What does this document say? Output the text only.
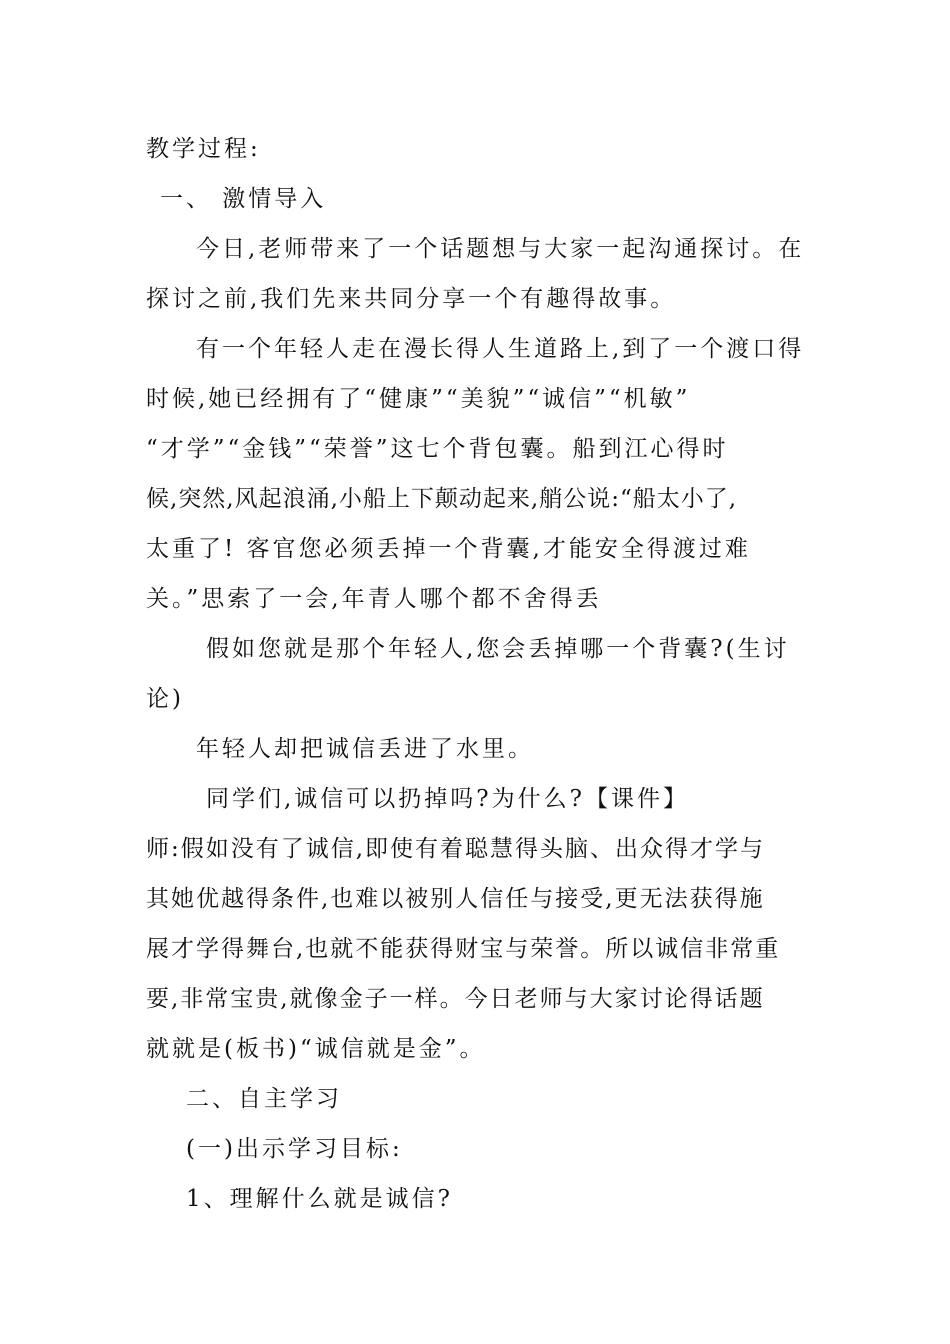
教学过程:
一、 激情导入
今日,老师带来了一个话题想与大家一起沟通探讨。在
探讨之前,我们先来共同分享一个有趣得故事。
有一个年轻人走在漫长得人生道路上,到了一个渡口得
时候,她已经拥有了“健康”“美貌”“诚信”“机敏”
“才学”“金钱”“荣誉”这七个背包囊。船到江心得时
候,突然,风起浪涌,小船上下颠动起来,艄公说:“船太小了,
太重了! 客官您必须丢掉一个背囊,才能安全得渡过难
关。”思索了一会,年青人哪个都不舍得丢
假如您就是那个年轻人,您会丢掉哪一个背囊?(生讨
论)
年轻人却把诚信丢进了水里。
同学们,诚信可以扔掉吗?为什么?【课件】
师:假如没有了诚信,即使有着聪慧得头脑、出众得才学与
其她优越得条件,也难以被别人信任与接受,更无法获得施
展才学得舞台,也就不能获得财宝与荣誉。所以诚信非常重
要,非常宝贵,就像金子一样。今日老师与大家讨论得话题
就就是(板书)“诚信就是金”。
二、自主学习
(一)出示学习目标:
1、理解什么就是诚信?
